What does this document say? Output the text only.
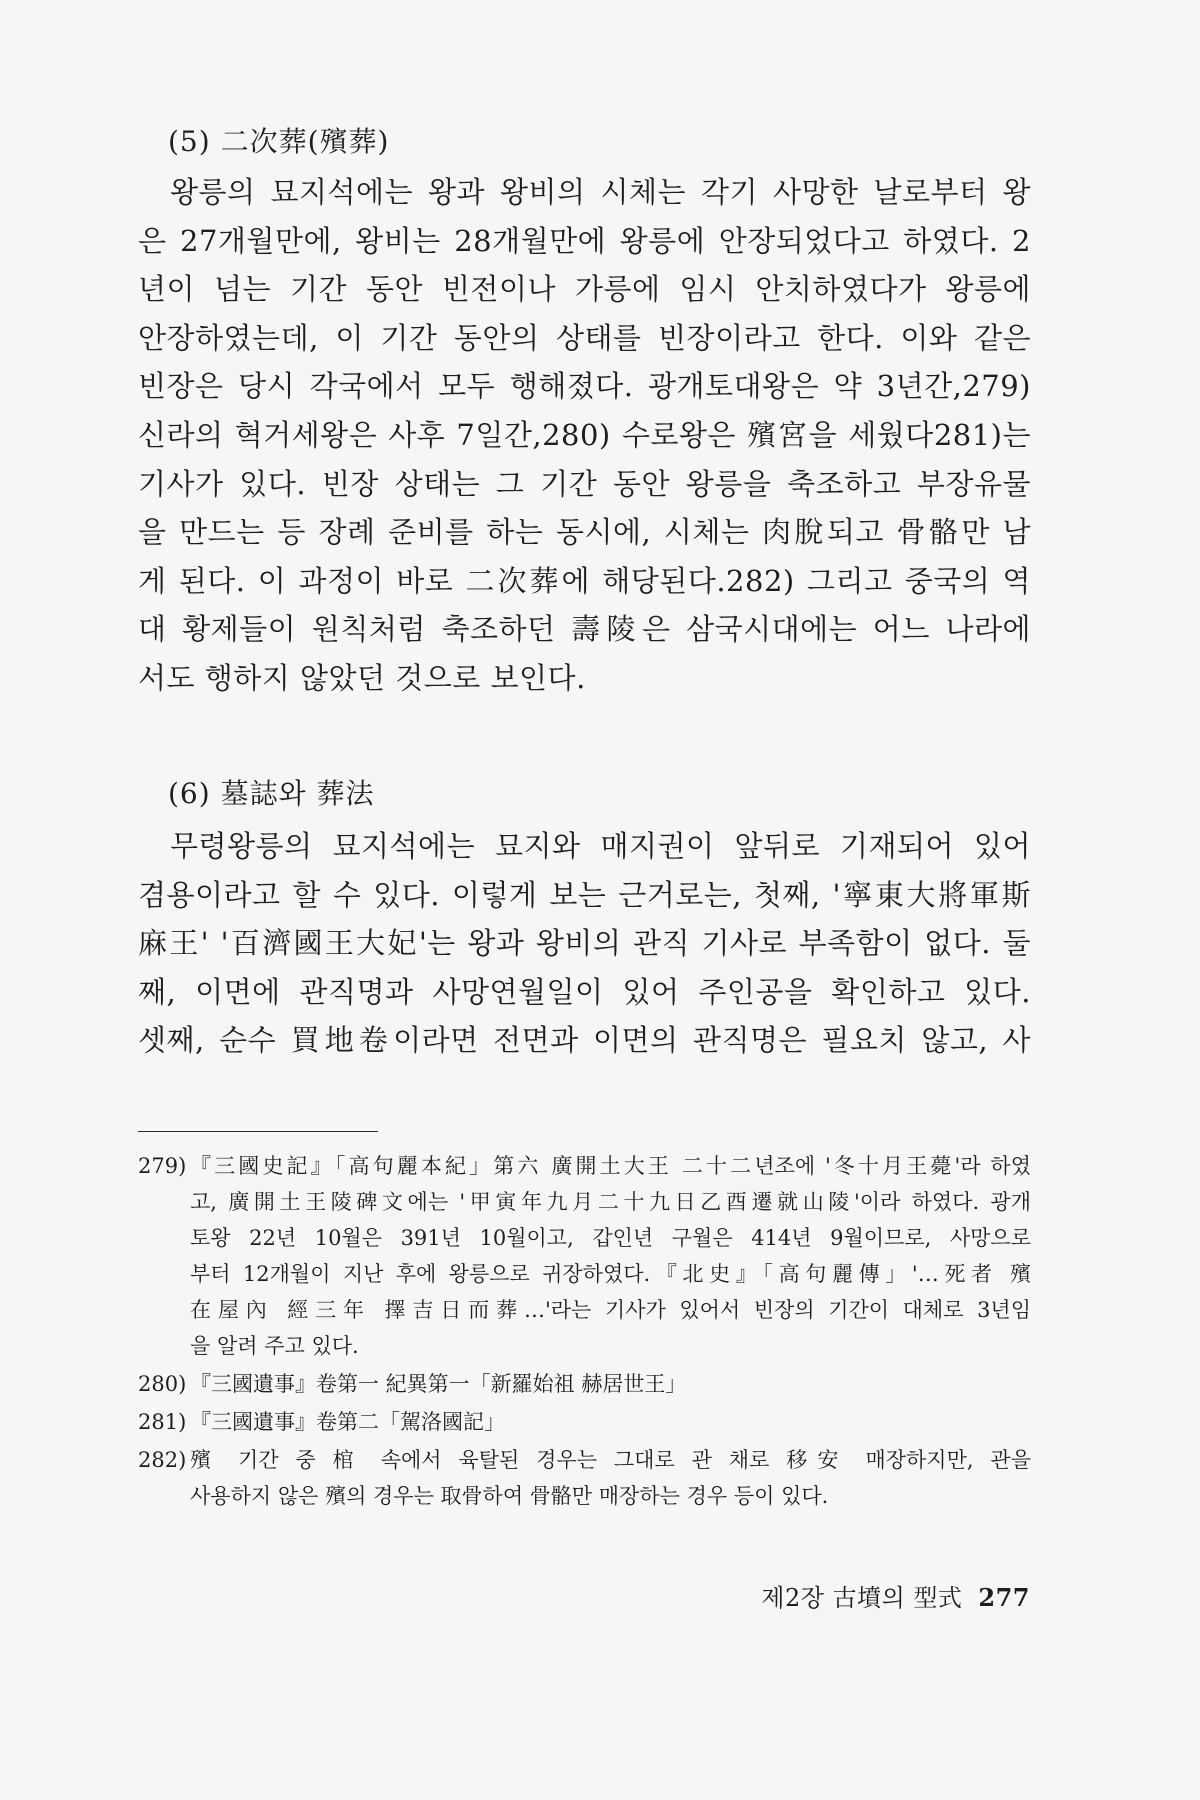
(5) 二次葬(殯葬)
왕릉의 묘지석에는 왕과 왕비의 시체는 각기 사망한 날로부터 왕
은 27개월만에, 왕비는 28개월만에 왕릉에 안장되었다고 하였다. 2
년이 넘는 기간 동안 빈전이나 가릉에 임시 안치하였다가 왕릉에
안장하였는데, 이 기간 동안의 상태를 빈장이라고 한다. 이와 같은
빈장은 당시 각국에서 모두 행해졌다. 광개토대왕은 약 3년간,279)
신라의 혁거세왕은 사후 7일간,280) 수로왕은 殯宮을 세웠다281)는
기사가 있다. 빈장 상태는 그 기간 동안 왕릉을 축조하고 부장유물
을 만드는 등 장례 준비를 하는 동시에, 시체는 肉脫되고 骨骼만 남
게 된다. 이 과정이 바로 二次葬에 해당된다.282) 그리고 중국의 역
대 황제들이 원칙처럼 축조하던 壽陵은 삼국시대에는 어느 나라에
서도 행하지 않았던 것으로 보인다.
(6) 墓誌와 葬法
무령왕릉의 묘지석에는 묘지와 매지권이 앞뒤로 기재되어 있어
겸용이라고 할 수 있다. 이렇게 보는 근거로는, 첫째, '寧東大將軍斯
麻王' '百濟國王大妃'는 왕과 왕비의 관직 기사로 부족함이 없다. 둘
째, 이면에 관직명과 사망연월일이 있어 주인공을 확인하고 있다.
셋째, 순수 買地卷이라면 전면과 이면의 관직명은 필요치 않고, 사
279) 『三國史記』「高句麗本紀」第六 廣開土大王 二十二년조에 '冬十月王薨'라 하였
고, 廣開土王陵碑文에는 '甲寅年九月二十九日乙酉遷就山陵'이라 하였다. 광개
토왕 22년 10월은 391년 10월이고, 갑인년 구월은 414년 9월이므로, 사망으로
부터 12개월이 지난 후에 왕릉으로 귀장하였다.『北史』「高句麗傳」'…死者 殯
在屋內 經三年 擇吉日而葬…'라는 기사가 있어서 빈장의 기간이 대체로 3년임
을 알려 주고 있다.
280) 『三國遺事』卷第一 紀異第一「新羅始祖 赫居世王」
281) 『三國遺事』卷第二「駕洛國記」
282) 殯 기간 중 棺 속에서 육탈된 경우는 그대로 관 채로 移安 매장하지만, 관을
사용하지 않은 殯의 경우는 取骨하여 骨骼만 매장하는 경우 등이 있다.
제2장 古墳의 型式 277
